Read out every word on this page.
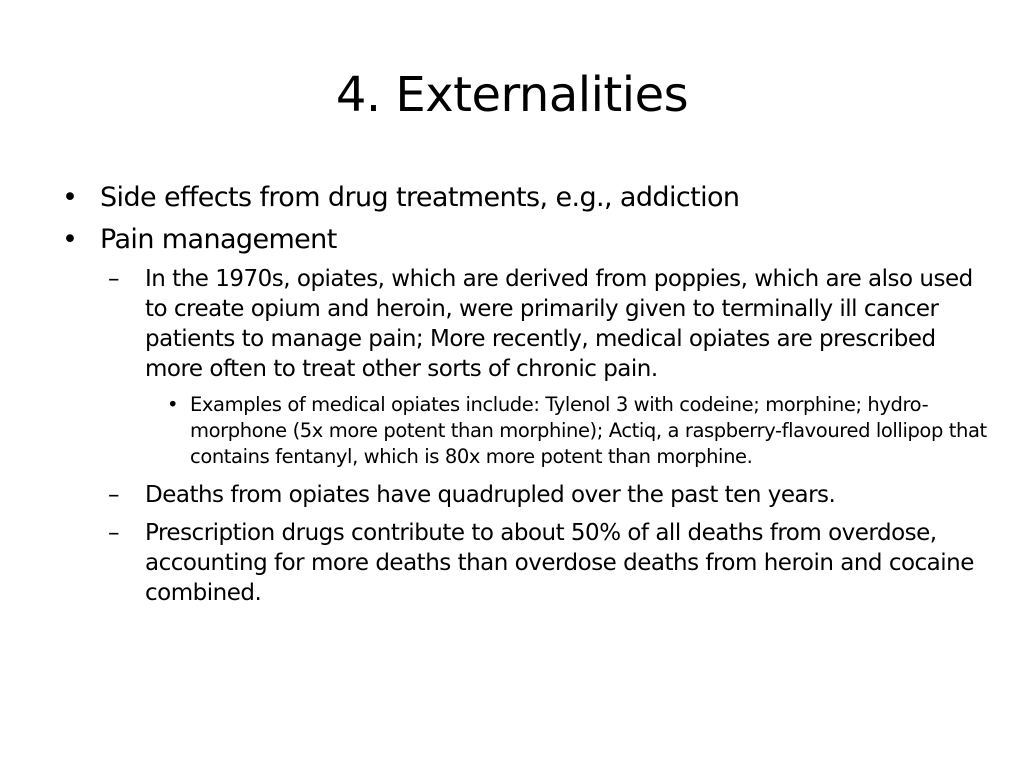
4. Externalities
• Side effects from drug treatments, e.g., addiction
• Pain management
– In the 1970s, opiates, which are derived from poppies, which are also used to create opium and heroin, were primarily given to terminally ill cancer patients to manage pain; More recently, medical opiates are prescribed more often to treat other sorts of chronic pain.
• Examples of medical opiates include: Tylenol 3 with codeine; morphine; hydro-morphone (5x more potent than morphine); Actiq, a raspberry-flavoured lollipop that contains fentanyl, which is 80x more potent than morphine.
– Deaths from opiates have quadrupled over the past ten years.
– Prescription drugs contribute to about 50% of all deaths from overdose, accounting for more deaths than overdose deaths from heroin and cocaine combined.
